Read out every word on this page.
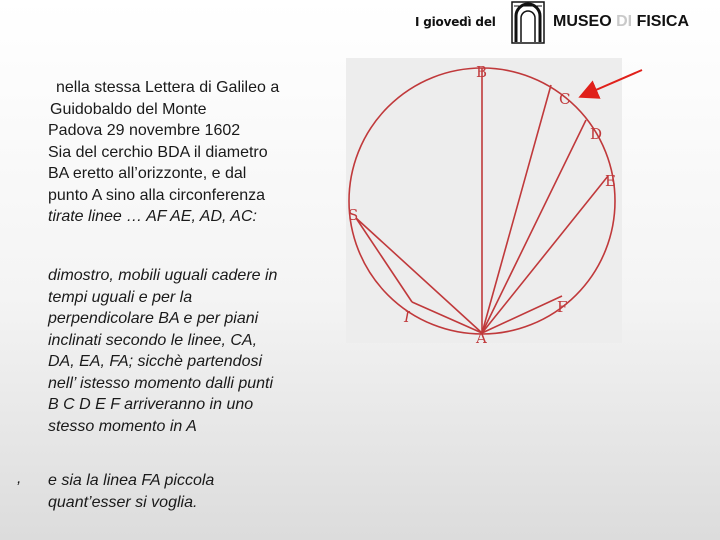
I giovedì del	MUSEO DI FISICA
nella stessa Lettera di Galileo a
Guidobaldo del Monte
Padova 29 novembre 1602
Sia del cerchio BDA il diametro
BA eretto all’orizzonte, e dal
punto A sino alla circonferenza
tirate linee … AF AE, AD, AC:
dimostro, mobili uguali cadere in
tempi uguali e per la
perpendicolare BA e per piani
inclinati secondo le linee, CA,
DA, EA, FA; sicchè partendosi
nell’ istesso momento dalli punti
B C D E F arriveranno in uno
stesso momento in A
, e sia la linea FA piccola
quant’esser si voglia.
B
C
D
E
S
I
F
A
